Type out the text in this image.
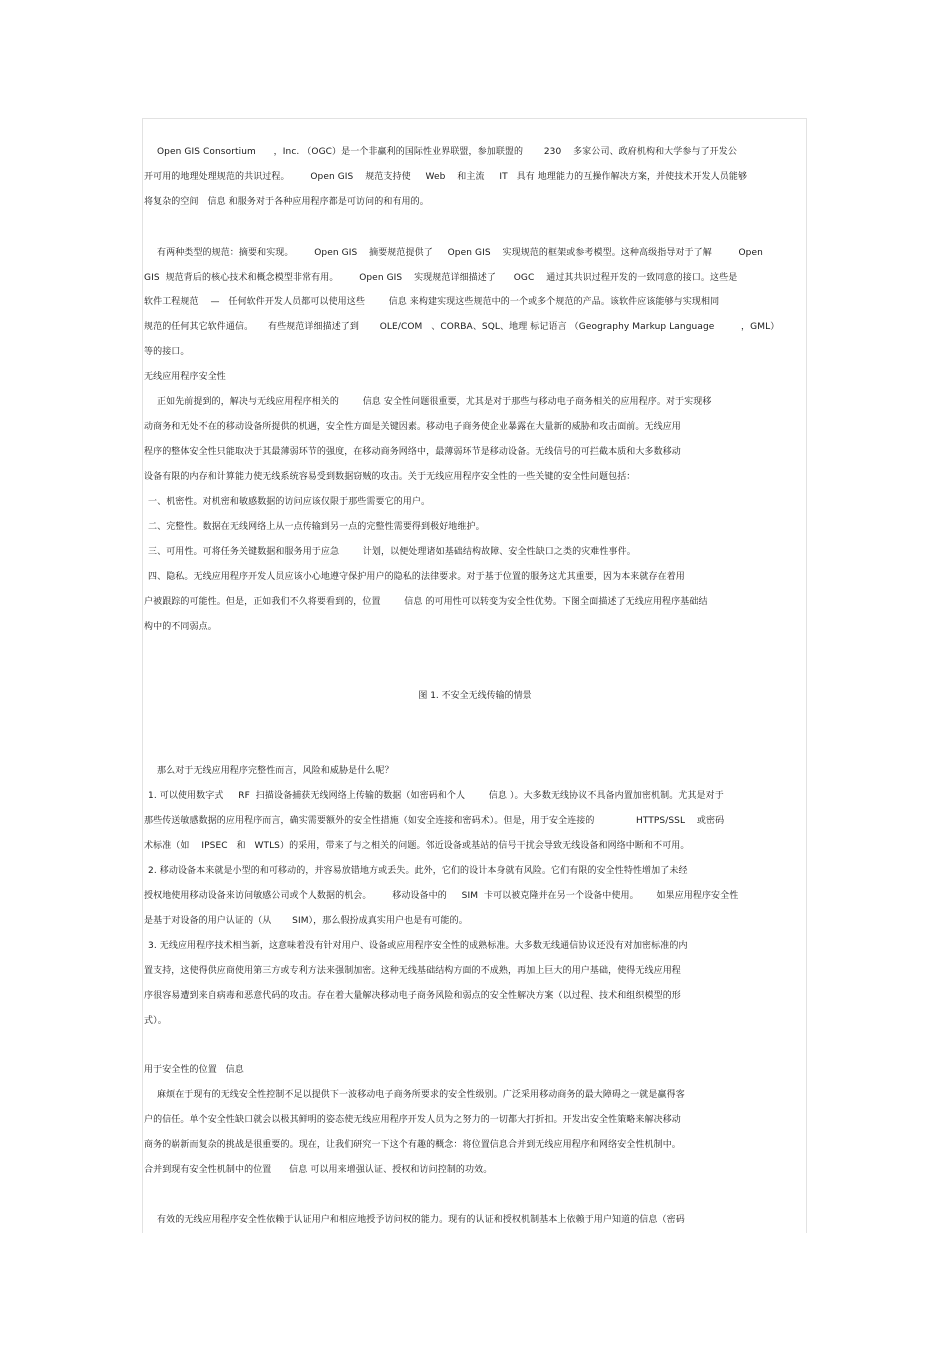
Open GIS Consortium      ，Inc. （OGC）是一个非赢利的国际性业界联盟，参加联盟的       230    多家公司、政府机构和大学参与了开发公
开可用的地理处理规范的共识过程。       Open GIS    规范支持使     Web    和主流     IT   具有 地理能力的互操作解决方案，并使技术开发人员能够
将复杂的空间   信息 和服务对于各种应用程序都是可访问的和有用的。
有两种类型的规范：摘要和实现。       Open GIS    摘要规范提供了     Open GIS    实现规范的框架或参考模型。这种高级指导对于了解         Open
GIS  规范背后的核心技术和概念模型非常有用。       Open GIS    实现规范详细描述了      OGC    通过其共识过程开发的一致同意的接口。这些是
软件工程规范    —   任何软件开发人员都可以使用这些        信息 来构建实现这些规范中的一个或多个规范的产品。该软件应该能够与实现相同
规范的任何其它软件通信。     有些规范详细描述了到       OLE/COM   、CORBA、SQL、地理 标记语言 （Geography Markup Language         ，GML）
等的接口。
无线应用程序安全性
正如先前提到的，解决与无线应用程序相关的        信息 安全性问题很重要，尤其是对于那些与移动电子商务相关的应用程序。对于实现移
动商务和无处不在的移动设备所提供的机遇，安全性方面是关键因素。移动电子商务使企业暴露在大量新的威胁和攻击面前。无线应用
程序的整体安全性只能取决于其最薄弱环节的强度，在移动商务网络中，最薄弱环节是移动设备。无线信号的可拦截本质和大多数移动
设备有限的内存和计算能力使无线系统容易受到数据窃贼的攻击。关于无线应用程序安全性的一些关键的安全性问题包括：
一、机密性。对机密和敏感数据的访问应该仅限于那些需要它的用户。
二、完整性。数据在无线网络上从一点传输到另一点的完整性需要得到极好地维护。
三、可用性。可将任务关键数据和服务用于应急        计划，以便处理诸如基础结构故障、安全性缺口之类的灾难性事件。
四、隐私。无线应用程序开发人员应该小心地遵守保护用户的隐私的法律要求。对于基于位置的服务这尤其重要，因为本来就存在着用
户被跟踪的可能性。但是，正如我们不久将要看到的，位置        信息 的可用性可以转变为安全性优势。下图全面描述了无线应用程序基础结
构中的不同弱点。
图 1. 不安全无线传输的情景
那么对于无线应用程序完整性而言，风险和威胁是什么呢？
1. 可以使用数字式     RF  扫描设备捕获无线网络上传输的数据（如密码和个人        信息 ）。大多数无线协议不具备内置加密机制。尤其是对于
那些传送敏感数据的应用程序而言，确实需要额外的安全性措施（如安全连接和密码术）。但是，用于安全连接的              HTTPS/SSL    或密码
术标准（如    IPSEC   和   WTLS）的采用，带来了与之相关的问题。邻近设备或基站的信号干扰会导致无线设备和网络中断和不可用。
2. 移动设备本来就是小型的和可移动的，并容易放错地方或丢失。此外，它们的设计本身就有风险。它们有限的安全性特性增加了未经
授权地使用移动设备来访问敏感公司或个人数据的机会。       移动设备中的     SIM  卡可以被克隆并在另一个设备中使用。      如果应用程序安全性
是基于对设备的用户认证的（从       SIM），那么假扮成真实用户也是有可能的。
3. 无线应用程序技术相当新，这意味着没有针对用户、设备或应用程序安全性的成熟标准。大多数无线通信协议还没有对加密标准的内
置支持，这使得供应商使用第三方或专利方法来强制加密。这种无线基础结构方面的不成熟，再加上巨大的用户基础，使得无线应用程
序很容易遭到来自病毒和恶意代码的攻击。存在着大量解决移动电子商务风险和弱点的安全性解决方案（以过程、技术和组织模型的形
式）。
用于安全性的位置   信息
麻烦在于现有的无线安全性控制不足以提供下一波移动电子商务所要求的安全性级别。广泛采用移动商务的最大障碍之一就是赢得客
户的信任。单个安全性缺口就会以极其鲜明的姿态使无线应用程序开发人员为之努力的一切都大打折扣。开发出安全性策略来解决移动
商务的崭新而复杂的挑战是很重要的。现在，让我们研究一下这个有趣的概念：将位置信息合并到无线应用程序和网络安全性机制中。
合并到现有安全性机制中的位置      信息 可以用来增强认证、授权和访问控制的功效。
有效的无线应用程序安全性依赖于认证用户和相应地授予访问权的能力。现有的认证和授权机制基本上依赖于用户知道的信息（密码
